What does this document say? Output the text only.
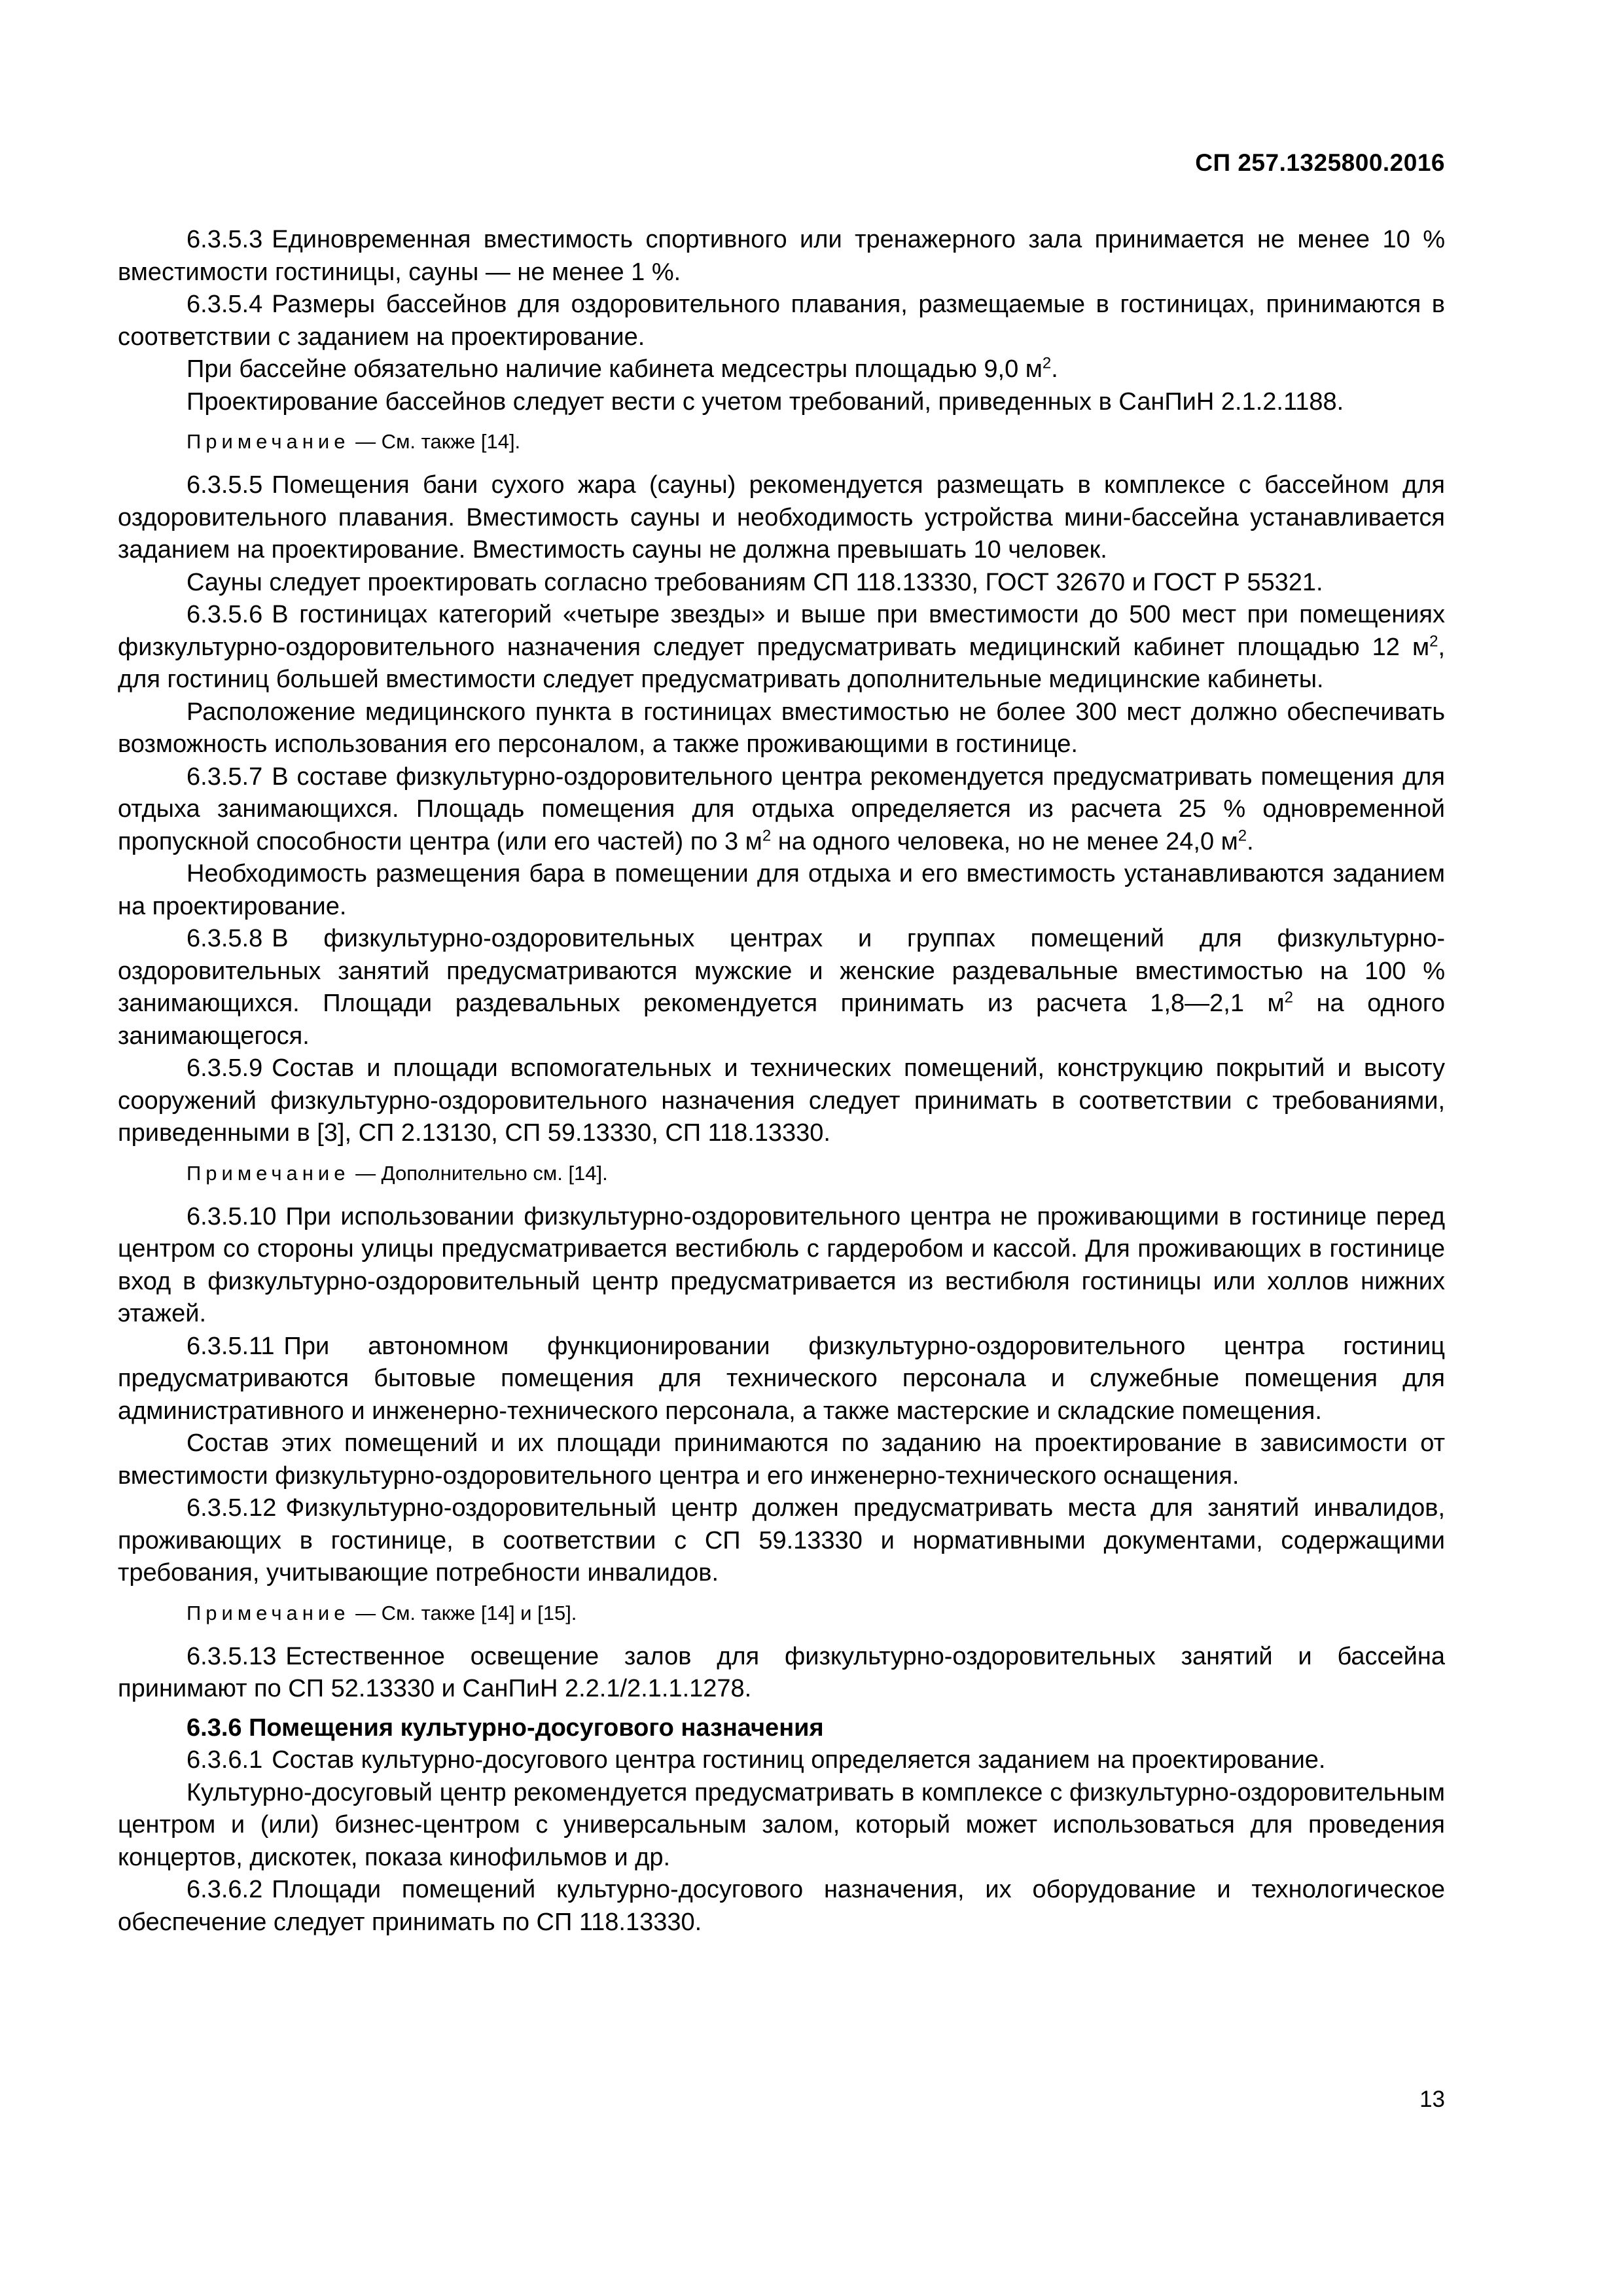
СП 257.1325800.2016

6.3.5.3 Единовременная вместимость спортивного или тренажерного зала принимается не менее 10 % вместимости гостиницы, сауны — не менее 1 %.

6.3.5.4 Размеры бассейнов для оздоровительного плавания, размещаемые в гостиницах, принимаются в соответствии с заданием на проектирование.

При бассейне обязательно наличие кабинета медсестры площадью 9,0 $м^2$.

Проектирование бассейнов следует вести с учетом требований, приведенных в СанПиН 2.1.2.1188.

Примечание — См. также [14].

6.3.5.5 Помещения бани сухого жара (сауны) рекомендуется размещать в комплексе с бассейном для оздоровительного плавания. Вместимость сауны и необходимость устройства мини-бассейна устанавливается заданием на проектирование. Вместимость сауны не должна превышать 10 человек.

Сауны следует проектировать согласно требованиям СП 118.13330, ГОСТ 32670 и ГОСТ Р 55321.

6.3.5.6 В гостиницах категорий «четыре звезды» и выше при вместимости до 500 мест при помещениях физкультурно-оздоровительного назначения следует предусматривать медицинский кабинет площадью 12 $м^2$, для гостиниц большей вместимости следует предусматривать дополнительные медицинские кабинеты.

Расположение медицинского пункта в гостиницах вместимостью не более 300 мест должно обеспечивать возможность использования его персоналом, а также проживающими в гостинице.

6.3.5.7 В составе физкультурно-оздоровительного центра рекомендуется предусматривать помещения для отдыха занимающихся. Площадь помещения для отдыха определяется из расчета 25 % одновременной пропускной способности центра (или его частей) по 3 $м^2$ на одного человека, но не менее 24,0 $м^2$.

Необходимость размещения бара в помещении для отдыха и его вместимость устанавливаются заданием на проектирование.

6.3.5.8 В физкультурно-оздоровительных центрах и группах помещений для физкультурно-оздоровительных занятий предусматриваются мужские и женские раздевальные вместимостью на 100 % занимающихся. Площади раздевальных рекомендуется принимать из расчета 1,8—2,1 $м^2$ на одного занимающегося.

6.3.5.9 Состав и площади вспомогательных и технических помещений, конструкцию покрытий и высоту сооружений физкультурно-оздоровительного назначения следует принимать в соответствии с требованиями, приведенными в [3], СП 2.13130, СП 59.13330, СП 118.13330.

Примечание — Дополнительно см. [14].

6.3.5.10 При использовании физкультурно-оздоровительного центра не проживающими в гостинице перед центром со стороны улицы предусматривается вестибюль с гардеробом и кассой. Для проживающих в гостинице вход в физкультурно-оздоровительный центр предусматривается из вестибюля гостиницы или холлов нижних этажей.

6.3.5.11 При автономном функционировании физкультурно-оздоровительного центра гостиниц предусматриваются бытовые помещения для технического персонала и служебные помещения для административного и инженерно-технического персонала, а также мастерские и складские помещения.

Состав этих помещений и их площади принимаются по заданию на проектирование в зависимости от вместимости физкультурно-оздоровительного центра и его инженерно-технического оснащения.

6.3.5.12 Физкультурно-оздоровительный центр должен предусматривать места для занятий инвалидов, проживающих в гостинице, в соответствии с СП 59.13330 и нормативными документами, содержащими требования, учитывающие потребности инвалидов.

Примечание — См. также [14] и [15].

6.3.5.13 Естественное освещение залов для физкультурно-оздоровительных занятий и бассейна принимают по СП 52.13330 и СанПиН 2.2.1/2.1.1.1278.

6.3.6 Помещения культурно-досугового назначения

6.3.6.1 Состав культурно-досугового центра гостиниц определяется заданием на проектирование.

Культурно-досуговый центр рекомендуется предусматривать в комплексе с физкультурно-оздоровительным центром и (или) бизнес-центром с универсальным залом, который может использоваться для проведения концертов, дискотек, показа кинофильмов и др.

6.3.6.2 Площади помещений культурно-досугового назначения, их оборудование и технологическое обеспечение следует принимать по СП 118.13330.

13
